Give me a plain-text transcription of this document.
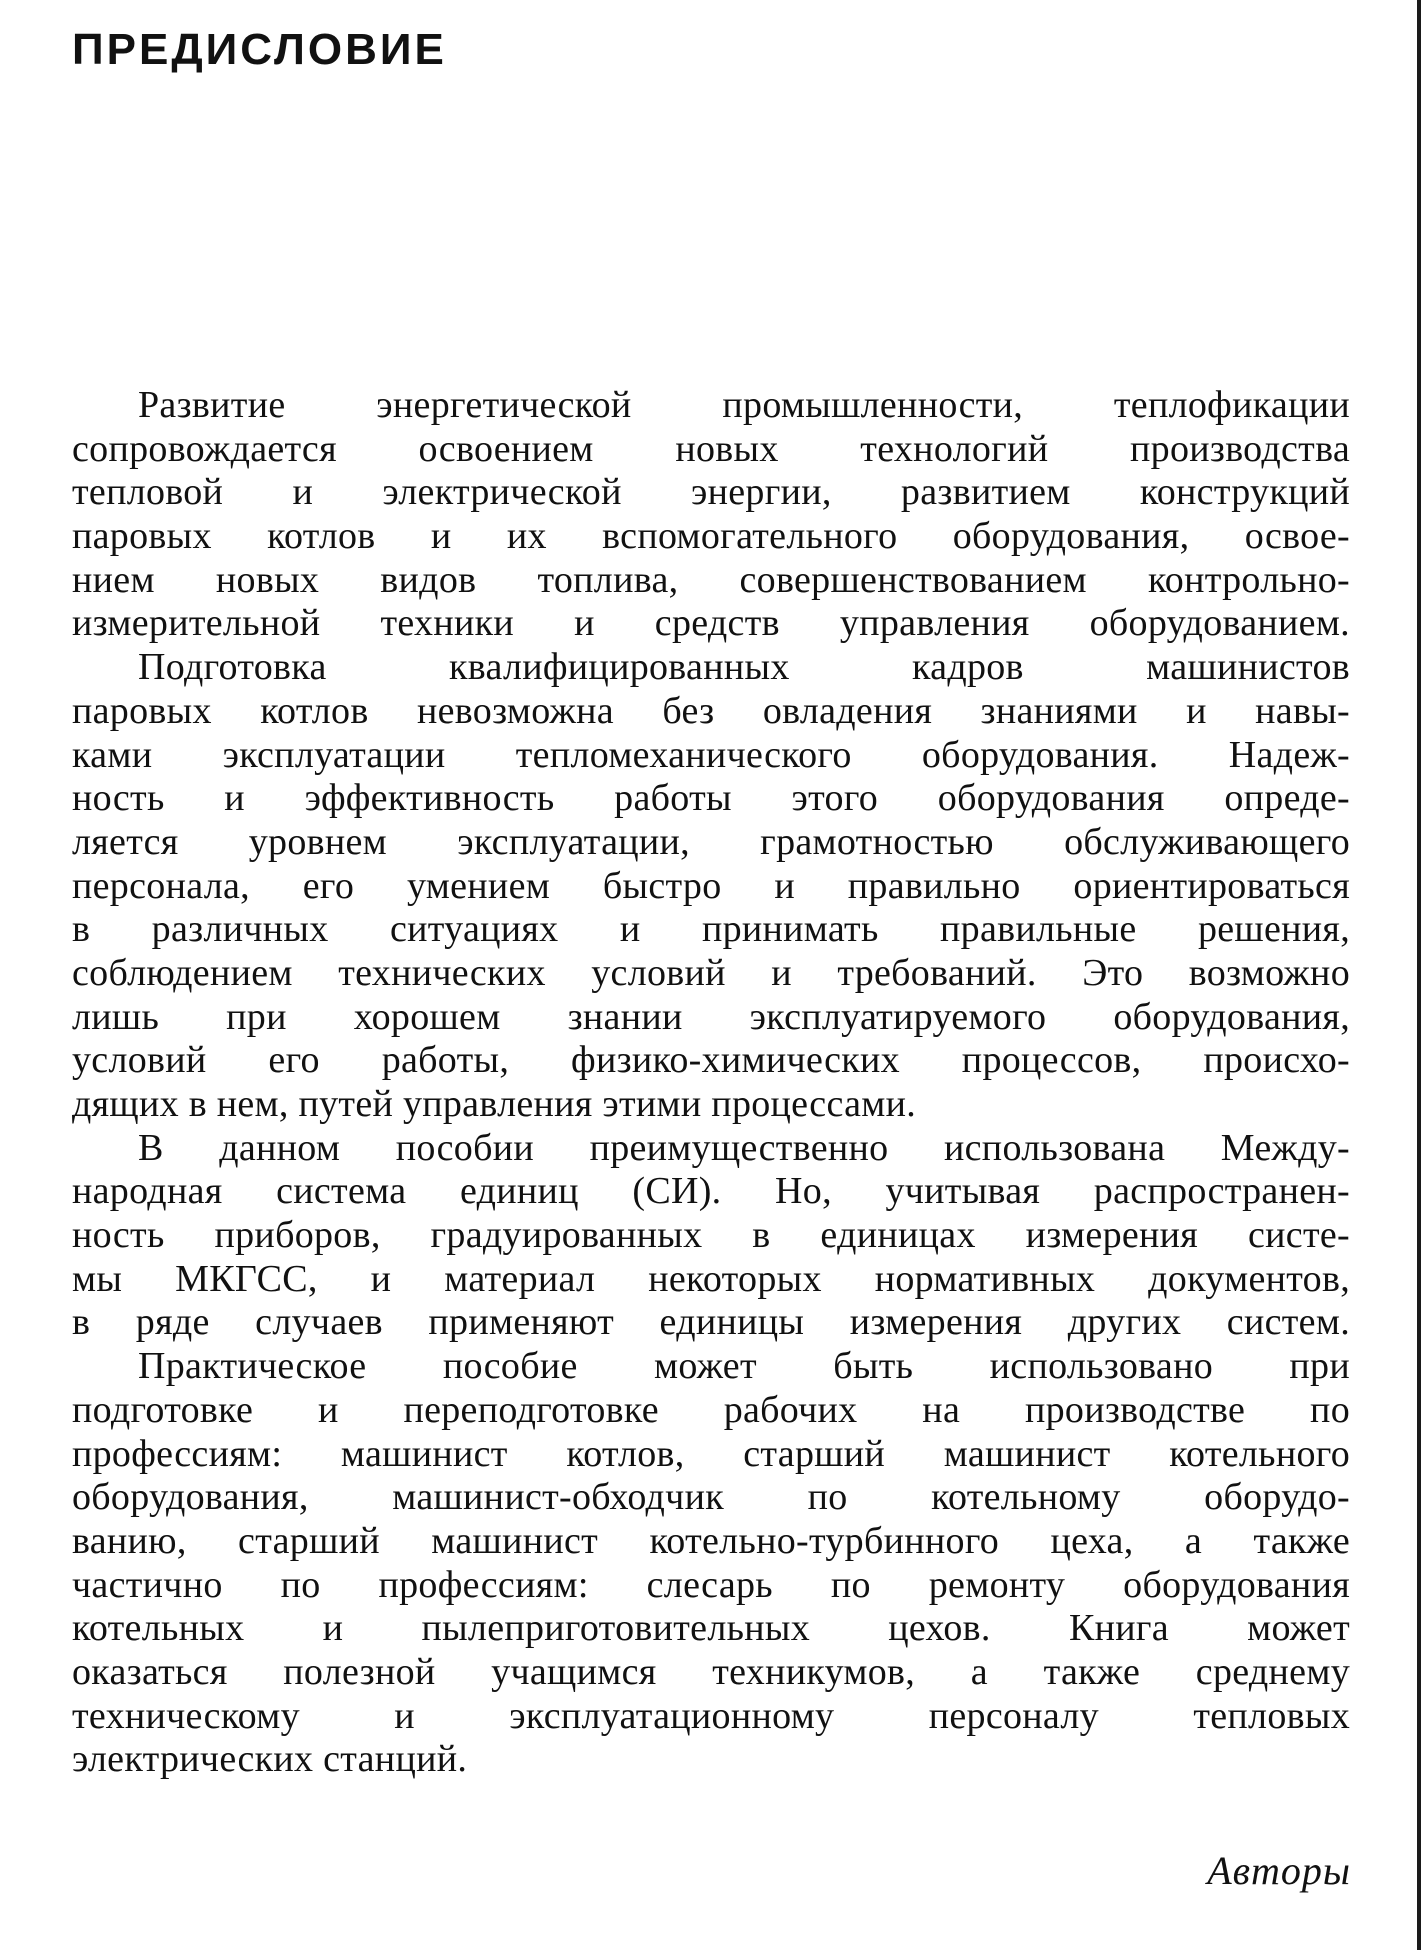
ПРЕДИСЛОВИЕ
Развитие энергетической промышленности, теплофикации
сопровождается освоением новых технологий производства
тепловой и электрической энергии, развитием конструкций
паровых котлов и их вспомогательного оборудования, освое-
нием новых видов топлива, совершенствованием контрольно-
измерительной техники и средств управления оборудованием.
Подготовка квалифицированных кадров машинистов
паровых котлов невозможна без овладения знаниями и навы-
ками эксплуатации тепломеханического оборудования. Надеж-
ность и эффективность работы этого оборудования опреде-
ляется уровнем эксплуатации, грамотностью обслуживающего
персонала, его умением быстро и правильно ориентироваться
в различных ситуациях и принимать правильные решения,
соблюдением технических условий и требований. Это возможно
лишь при хорошем знании эксплуатируемого оборудования,
условий его работы, физико-химических процессов, происхо-
дящих в нем, путей управления этими процессами.
В данном пособии преимущественно использована Между-
народная система единиц (СИ). Но, учитывая распространен-
ность приборов, градуированных в единицах измерения систе-
мы МКГСС, и материал некоторых нормативных документов,
в ряде случаев применяют единицы измерения других систем.
Практическое пособие может быть использовано при
подготовке и переподготовке рабочих на производстве по
профессиям: машинист котлов, старший машинист котельного
оборудования, машинист-обходчик по котельному оборудо-
ванию, старший машинист котельно-турбинного цеха, а также
частично по профессиям: слесарь по ремонту оборудования
котельных и пылеприготовительных цехов. Книга может
оказаться полезной учащимся техникумов, а также среднему
техническому и эксплуатационному персоналу тепловых
электрических станций.

Авторы
